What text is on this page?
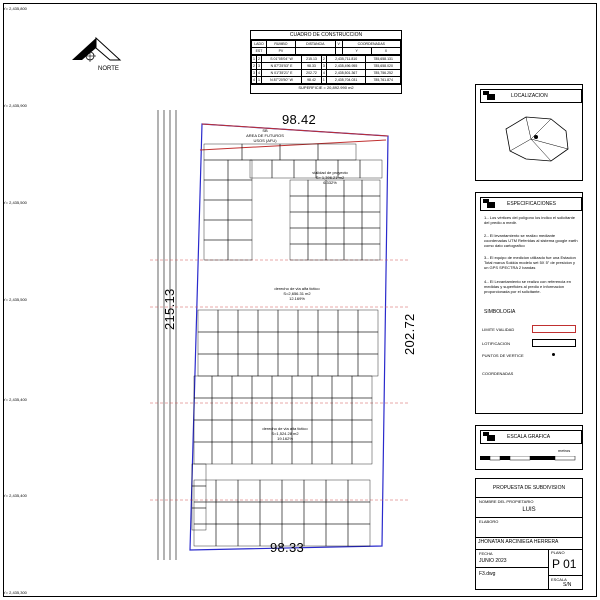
Y= 2,435,800
Y= 2,435,900
Y= 2,435,500
Y= 2,435,500
Y= 2,435,400
Y= 2,435,400
Y= 2,435,300
NORTE
CUADRO DE CONSTRUCCION
LADO	RUMBO	DISTANCIA	V	COORDENADAS	
EST	PV			Y	X
1	2	S 01°05'04" W	215.13	2	2,435,711.810	785,658.131
2	3	N 87°25'53" E	98.33	3	2,435,496.955	785,658.020
3	4	N 01°35'21" E	202.72	4	2,435,501.367	785,756.252
4	1	N 87°20'50" W	98.42	1	2,435,704.031	785,761.874
SUPERFICIE = 20,892.990 m2
98.42
98.33
215.13
202.72
SB
AREA DE FUTUROS
USOS (AFU)
vialidad de proyecto
S= 1,396.21 m2
6.332%
derecho de via alfa tictico
S=2,656.31 m2
12.169%
derecho de via alta tictico
S=1,524.28 m2
19.162%
LOCALIZACION
ESPECIFICACIONES
1.- Los vértices del polígono los indico el solicitante del predio a medir.
2.- El levantamiento se realizo mediante coordenadas UTM Referidas al sistema google earth como dato cartografico
3.- El equipo de medicion utilizado fue una Estacion Total marca Sokkia modelo set 5X 5" de presicion y un GPS SPECTRA 2 bandas
4.- El Levantamiento se realizo con referencia en medidas y superficies al predio e informacion proporcionada por el solicitante.
SIMBOLOGIA
LIMITE VIALIDAD
LOTIFICACION
PUNTOS DE VERTICE
COORDENADAS
ESCALA GRAFICA
metros
PROPUESTA DE SUBDIVISION
NOMBRE DEL PROPIETARIO
LUIS
ELABORO
JHONATAN ARCINIEGA HERRERA
FECHA
JUNIO 2023
F3.dwg
PLANO
P 01
ESCALA
S/N
